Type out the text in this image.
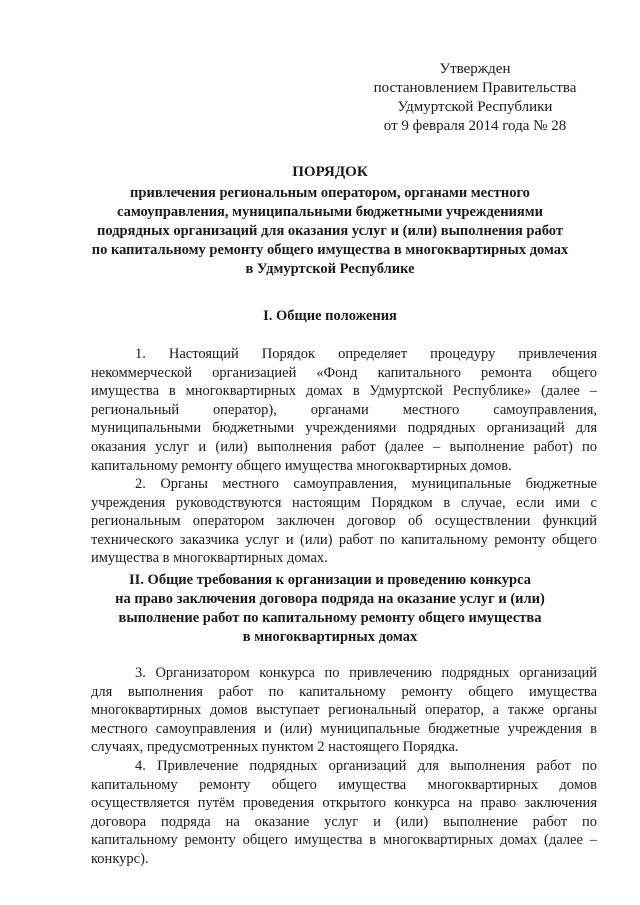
Утвержден
постановлением Правительства
Удмуртской Республики
от 9 февраля 2014 года № 28
ПОРЯДОК
привлечения региональным оператором, органами местного
самоуправления, муниципальными бюджетными учреждениями
подрядных организаций для оказания услуг и (или) выполнения работ
по капитальному ремонту общего имущества в многоквартирных домах
в Удмуртской Республике
I. Общие положения
1. Настоящий Порядок определяет процедуру привлечения
некоммерческой организацией «Фонд капитального ремонта общего
имущества в многоквартирных домах в Удмуртской Республике» (далее –
региональный оператор), органами местного самоуправления,
муниципальными бюджетными учреждениями подрядных организаций для
оказания услуг и (или) выполнения работ (далее – выполнение работ) по
капитальному ремонту общего имущества многоквартирных домов.
2. Органы местного самоуправления, муниципальные бюджетные
учреждения руководствуются настоящим Порядком в случае, если ими с
региональным оператором заключен договор об осуществлении функций
технического заказчика услуг и (или) работ по капитальному ремонту общего
имущества в многоквартирных домах.
II. Общие требования к организации и проведению конкурса
на право заключения договора подряда на оказание услуг и (или)
выполнение работ по капитальному ремонту общего имущества
в многоквартирных домах
3. Организатором конкурса по привлечению подрядных организаций
для выполнения работ по капитальному ремонту общего имущества
многоквартирных домов выступает региональный оператор, а также органы
местного самоуправления и (или) муниципальные бюджетные учреждения в
случаях, предусмотренных пунктом 2 настоящего Порядка.
4. Привлечение подрядных организаций для выполнения работ по
капитальному ремонту общего имущества многоквартирных домов
осуществляется путём проведения открытого конкурса на право заключения
договора подряда на оказание услуг и (или) выполнение работ по
капитальному ремонту общего имущества в многоквартирных домах (далее –
конкурс).
